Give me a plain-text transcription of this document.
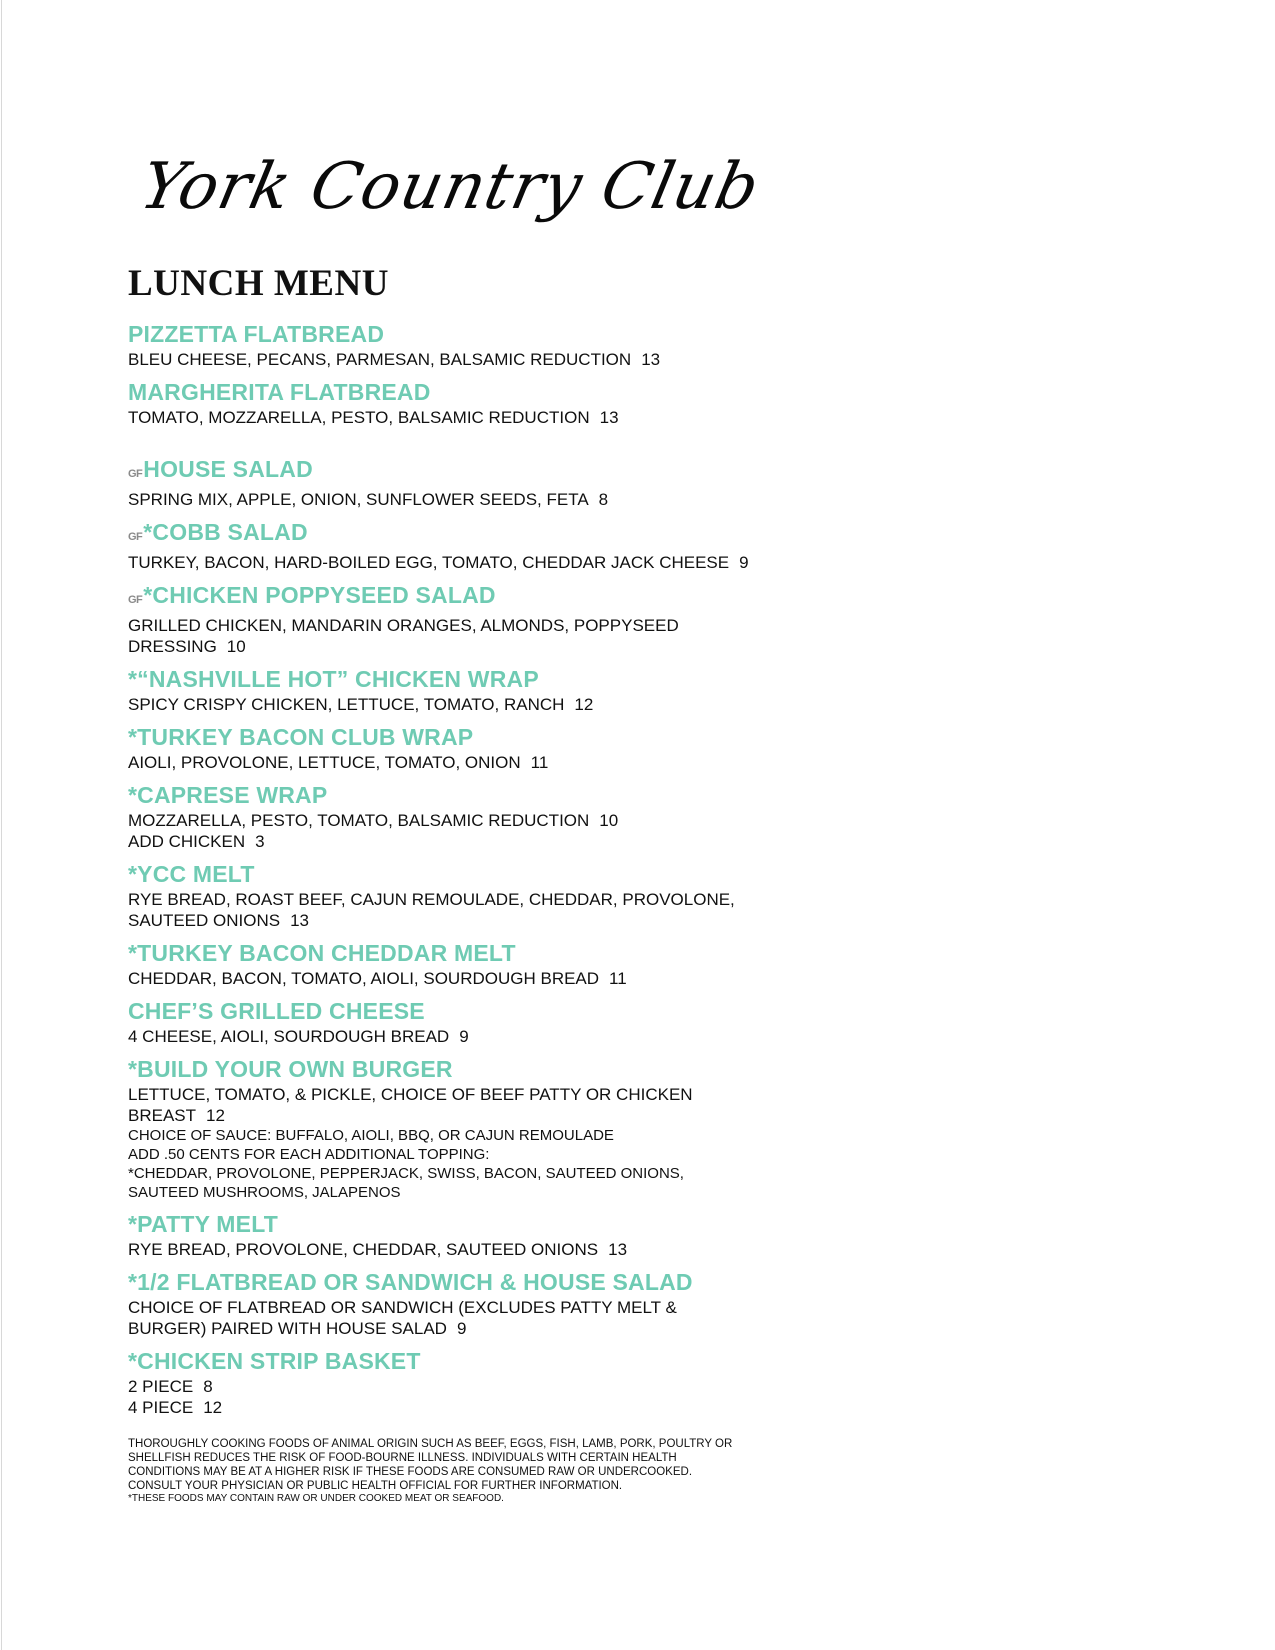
York Country Club
LUNCH MENU
PIZZETTA FLATBREAD
BLEU CHEESE, PECANS, PARMESAN, BALSAMIC REDUCTION 13
MARGHERITA FLATBREAD
TOMATO, MOZZARELLA, PESTO, BALSAMIC REDUCTION 13
GFHOUSE SALAD
SPRING MIX, APPLE, ONION, SUNFLOWER SEEDS, FETA 8
GF*COBB SALAD
TURKEY, BACON, HARD-BOILED EGG, TOMATO, CHEDDAR JACK CHEESE 9
GF*CHICKEN POPPYSEED SALAD
GRILLED CHICKEN, MANDARIN ORANGES, ALMONDS, POPPYSEED
DRESSING 10
*“NASHVILLE HOT” CHICKEN WRAP
SPICY CRISPY CHICKEN, LETTUCE, TOMATO, RANCH 12
*TURKEY BACON CLUB WRAP
AIOLI, PROVOLONE, LETTUCE, TOMATO, ONION 11
*CAPRESE WRAP
MOZZARELLA, PESTO, TOMATO, BALSAMIC REDUCTION 10
ADD CHICKEN 3
*YCC MELT
RYE BREAD, ROAST BEEF, CAJUN REMOULADE, CHEDDAR, PROVOLONE,
SAUTEED ONIONS 13
*TURKEY BACON CHEDDAR MELT
CHEDDAR, BACON, TOMATO, AIOLI, SOURDOUGH BREAD 11
CHEF’S GRILLED CHEESE
4 CHEESE, AIOLI, SOURDOUGH BREAD 9
*BUILD YOUR OWN BURGER
LETTUCE, TOMATO, & PICKLE, CHOICE OF BEEF PATTY OR CHICKEN
BREAST 12
CHOICE OF SAUCE: BUFFALO, AIOLI, BBQ, OR CAJUN REMOULADE
ADD .50 CENTS FOR EACH ADDITIONAL TOPPING:
*CHEDDAR, PROVOLONE, PEPPERJACK, SWISS, BACON, SAUTEED ONIONS,
SAUTEED MUSHROOMS, JALAPENOS
*PATTY MELT
RYE BREAD, PROVOLONE, CHEDDAR, SAUTEED ONIONS 13
*1/2 FLATBREAD OR SANDWICH & HOUSE SALAD
CHOICE OF FLATBREAD OR SANDWICH (EXCLUDES PATTY MELT &
BURGER) PAIRED WITH HOUSE SALAD 9
*CHICKEN STRIP BASKET
2 PIECE 8
4 PIECE 12
THOROUGHLY COOKING FOODS OF ANIMAL ORIGIN SUCH AS BEEF, EGGS, FISH, LAMB, PORK, POULTRY OR
SHELLFISH REDUCES THE RISK OF FOOD-BOURNE ILLNESS. INDIVIDUALS WITH CERTAIN HEALTH
CONDITIONS MAY BE AT A HIGHER RISK IF THESE FOODS ARE CONSUMED RAW OR UNDERCOOKED.
CONSULT YOUR PHYSICIAN OR PUBLIC HEALTH OFFICIAL FOR FURTHER INFORMATION.
*THESE FOODS MAY CONTAIN RAW OR UNDER COOKED MEAT OR SEAFOOD.
